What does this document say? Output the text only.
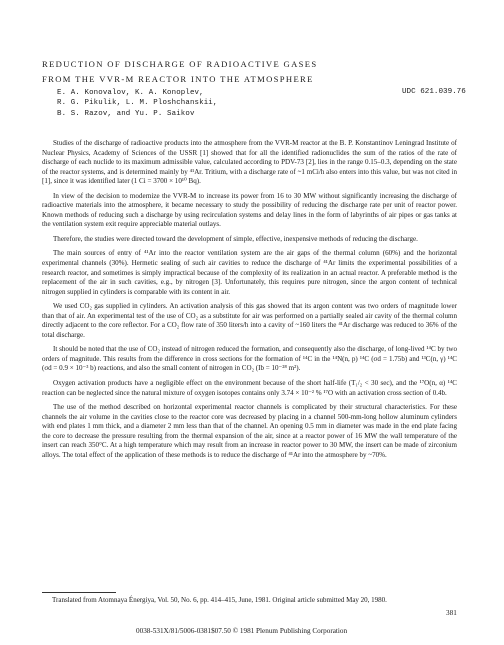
REDUCTION OF DISCHARGE OF RADIOACTIVE GASES
FROM THE VVR-M REACTOR INTO THE ATMOSPHERE
E. A. Konovalov, K. A. Konoplev,
R. G. Pikulik, L. M. Ploshchanskii,
B. S. Razov, and Yu. P. Saikov
UDC 621.039.76

Studies of the discharge of radioactive products into the atmosphere from the VVR-M reactor at the B. P. Konstantinov Leningrad Institute of Nuclear Physics, Academy of Sciences of the USSR [1] showed that for all the identified radionuclides the sum of the ratios of the rate of discharge of each nuclide to its maximum admissible value, calculated according to PDV-73 [2], lies in the range 0.15–0.3, depending on the state of the reactor systems, and is determined mainly by ⁴¹Ar. Tritium, with a discharge rate of ~1 mCi/h also enters into this value, but was not cited in [1], since it was identified later (1 Ci = 3700 × 10¹⁰ Bq).

In view of the decision to modernize the VVR-M to increase its power from 16 to 30 MW without significantly increasing the discharge of radioactive materials into the atmosphere, it became necessary to study the possibility of reducing the discharge rate per unit of reactor power. Known methods of reducing such a discharge by using recirculation systems and delay lines in the form of labyrinths of air pipes or gas tanks at the ventilation system exit require appreciable material outlays.

Therefore, the studies were directed toward the development of simple, effective, inexpensive methods of reducing the discharge.

The main sources of entry of ⁴¹Ar into the reactor ventilation system are the air gaps of the thermal column (60%) and the horizontal experimental channels (30%). Hermetic sealing of such air cavities to reduce the discharge of ⁴¹Ar limits the experimental possibilities of a research reactor, and sometimes is simply impractical because of the complexity of its realization in an actual reactor. A preferable method is the replacement of the air in such cavities, e.g., by nitrogen [3]. Unfortunately, this requires pure nitrogen, since the argon content of technical nitrogen supplied in cylinders is comparable with its content in air.

We used CO₂ gas supplied in cylinders. An activation analysis of this gas showed that its argon content was two orders of magnitude lower than that of air. An experimental test of the use of CO₂ as a substitute for air was performed on a partially sealed air cavity of the thermal column directly adjacent to the core reflector. For a CO₂ flow rate of 350 liters/h into a cavity of ~160 liters the ⁴¹Ar discharge was reduced to 36% of the total discharge.

It should be noted that the use of CO₂ instead of nitrogen reduced the formation, and consequently also the discharge, of long-lived ¹⁴C by two orders of magnitude. This results from the difference in cross sections for the formation of ¹⁴C in the ¹⁴N(n, p) ¹⁴C (σd = 1.75b) and ¹³C(n, γ) ¹⁴C (σd = 0.9 × 10⁻³ b) reactions, and also the small content of nitrogen in CO₂ (Ib = 10⁻²⁸ m²).

Oxygen activation products have a negligible effect on the environment because of the short half-life (T₁/₂ < 30 sec), and the ¹⁷O(n, α) ¹⁴C reaction can be neglected since the natural mixture of oxygen isotopes contains only 3.74 × 10⁻² % ¹⁷O with an activation cross section of 0.4b.

The use of the method described on horizontal experimental reactor channels is complicated by their structural characteristics. For these channels the air volume in the cavities close to the reactor core was decreased by placing in a channel 500-mm-long hollow aluminum cylinders with end plates 1 mm thick, and a diameter 2 mm less than that of the channel. An opening 0.5 mm in diameter was made in the end plate facing the core to decrease the pressure resulting from the thermal expansion of the air, since at a reactor power of 16 MW the wall temperature of the insert can reach 350°C. At a high temperature which may result from an increase in reactor power to 30 MW, the insert can be made of zirconium alloys. The total effect of the application of these methods is to reduce the discharge of ⁴¹Ar into the atmosphere by ~70%.

Translated from Atomnaya Énergiya, Vol. 50, No. 6, pp. 414–415, June, 1981. Original article submitted May 20, 1980.
381
0038-531X/81/5006-0381$07.50 © 1981 Plenum Publishing Corporation
